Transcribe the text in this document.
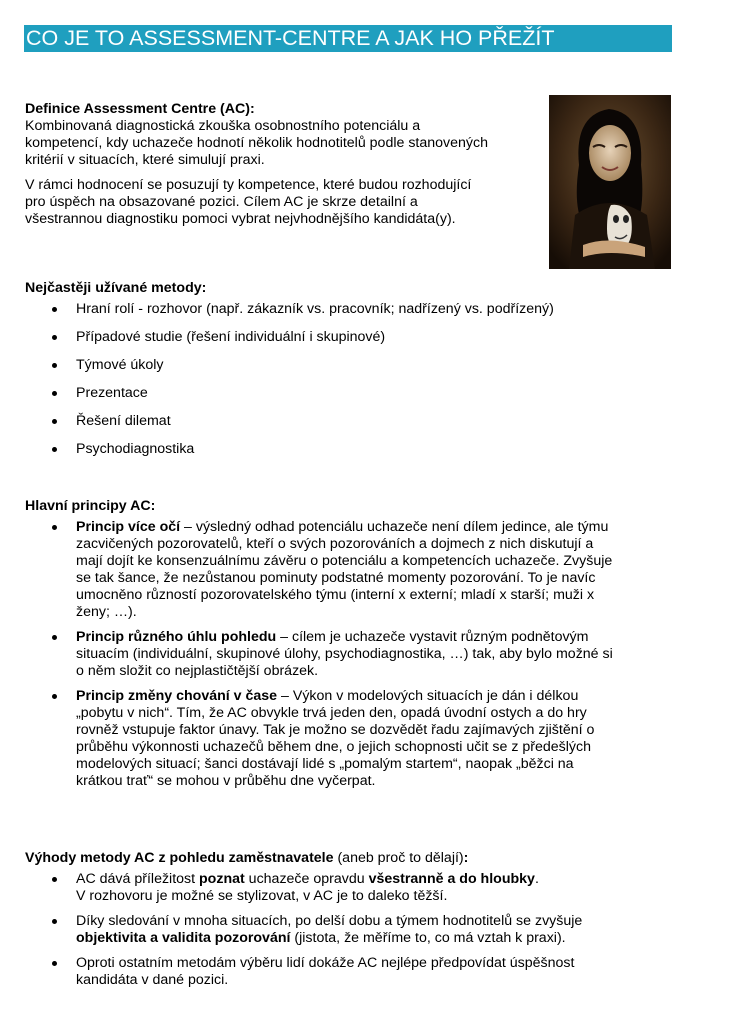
CO JE TO ASSESSMENT-CENTRE A JAK HO PŘEŽÍT

Definice Assessment Centre (AC):

Kombinovaná diagnostická zkouška osobnostního potenciálu a
kompetencí, kdy uchazeče hodnotí několik hodnotitelů podle stanovených
kritérií v situacích, které simulují praxi.

V rámci hodnocení se posuzují ty kompetence, které budou rozhodující
pro úspěch na obsazované pozici. Cílem AC je skrze detailní a
všestrannou diagnostiku pomoci vybrat nejvhodnějšího kandidáta(y).

Nejčastěji užívané metody:

Hraní rolí - rozhovor (např. zákazník vs. pracovník; nadřízený vs. podřízený)
Případové studie (řešení individuální i skupinové)
Týmové úkoly
Prezentace
Řešení dilemat
Psychodiagnostika

Hlavní principy AC:

Princip více očí – výsledný odhad potenciálu uchazeče není dílem jedince, ale týmu
zacvičených pozorovatelů, kteří o svých pozorováních a dojmech z nich diskutují a
mají dojít ke konsenzuálnímu závěru o potenciálu a kompetencích uchazeče. Zvyšuje
se tak šance, že nezůstanou pominuty podstatné momenty pozorování. To je navíc
umocněno růzností pozorovatelského týmu (interní x externí; mladí x starší; muži x
ženy; …).
Princip různého úhlu pohledu – cílem je uchazeče vystavit různým podnětovým
situacím (individuální, skupinové úlohy, psychodiagnostika, …) tak, aby bylo možné si
o něm složit co nejplastičtější obrázek.
Princip změny chování v čase – Výkon v modelových situacích je dán i délkou
„pobytu v nich“. Tím, že AC obvykle trvá jeden den, opadá úvodní ostych a do hry
rovněž vstupuje faktor únavy. Tak je možno se dozvědět řadu zajímavých zjištění o
průběhu výkonnosti uchazečů během dne, o jejich schopnosti učit se z předešlých
modelových situací; šanci dostávají lidé s „pomalým startem“, naopak „běžci na
krátkou trať“ se mohou v průběhu dne vyčerpat.

Výhody metody AC z pohledu zaměstnavatele (aneb proč to dělají):

AC dává příležitost poznat uchazeče opravdu všestranně a do hloubky.
V rozhovoru je možné se stylizovat, v AC je to daleko těžší.
Díky sledování v mnoha situacích, po delší dobu a týmem hodnotitelů se zvyšuje
objektivita a validita pozorování (jistota, že měříme to, co má vztah k praxi).
Oproti ostatním metodám výběru lidí dokáže AC nejlépe předpovídat úspěšnost
kandidáta v dané pozici.
